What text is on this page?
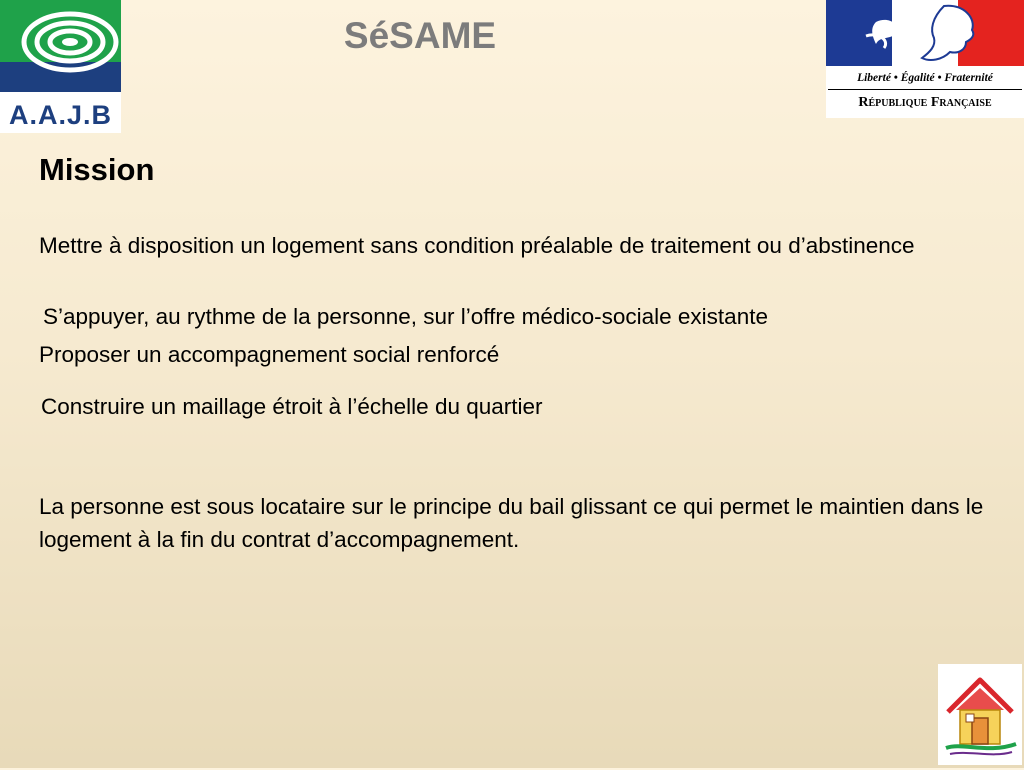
A.A.J.B
SéSAME
Liberté • Égalité • Fraternité
République Française
Mission
Mettre à disposition un logement sans condition préalable de traitement ou d’abstinence
S’appuyer, au rythme de la personne, sur l’offre médico-sociale existante
Proposer un accompagnement social renforcé
Construire un maillage étroit à l’échelle du quartier
La personne est sous locataire sur le principe du bail glissant ce qui permet le maintien dans le logement à la fin du contrat d’accompagnement.
